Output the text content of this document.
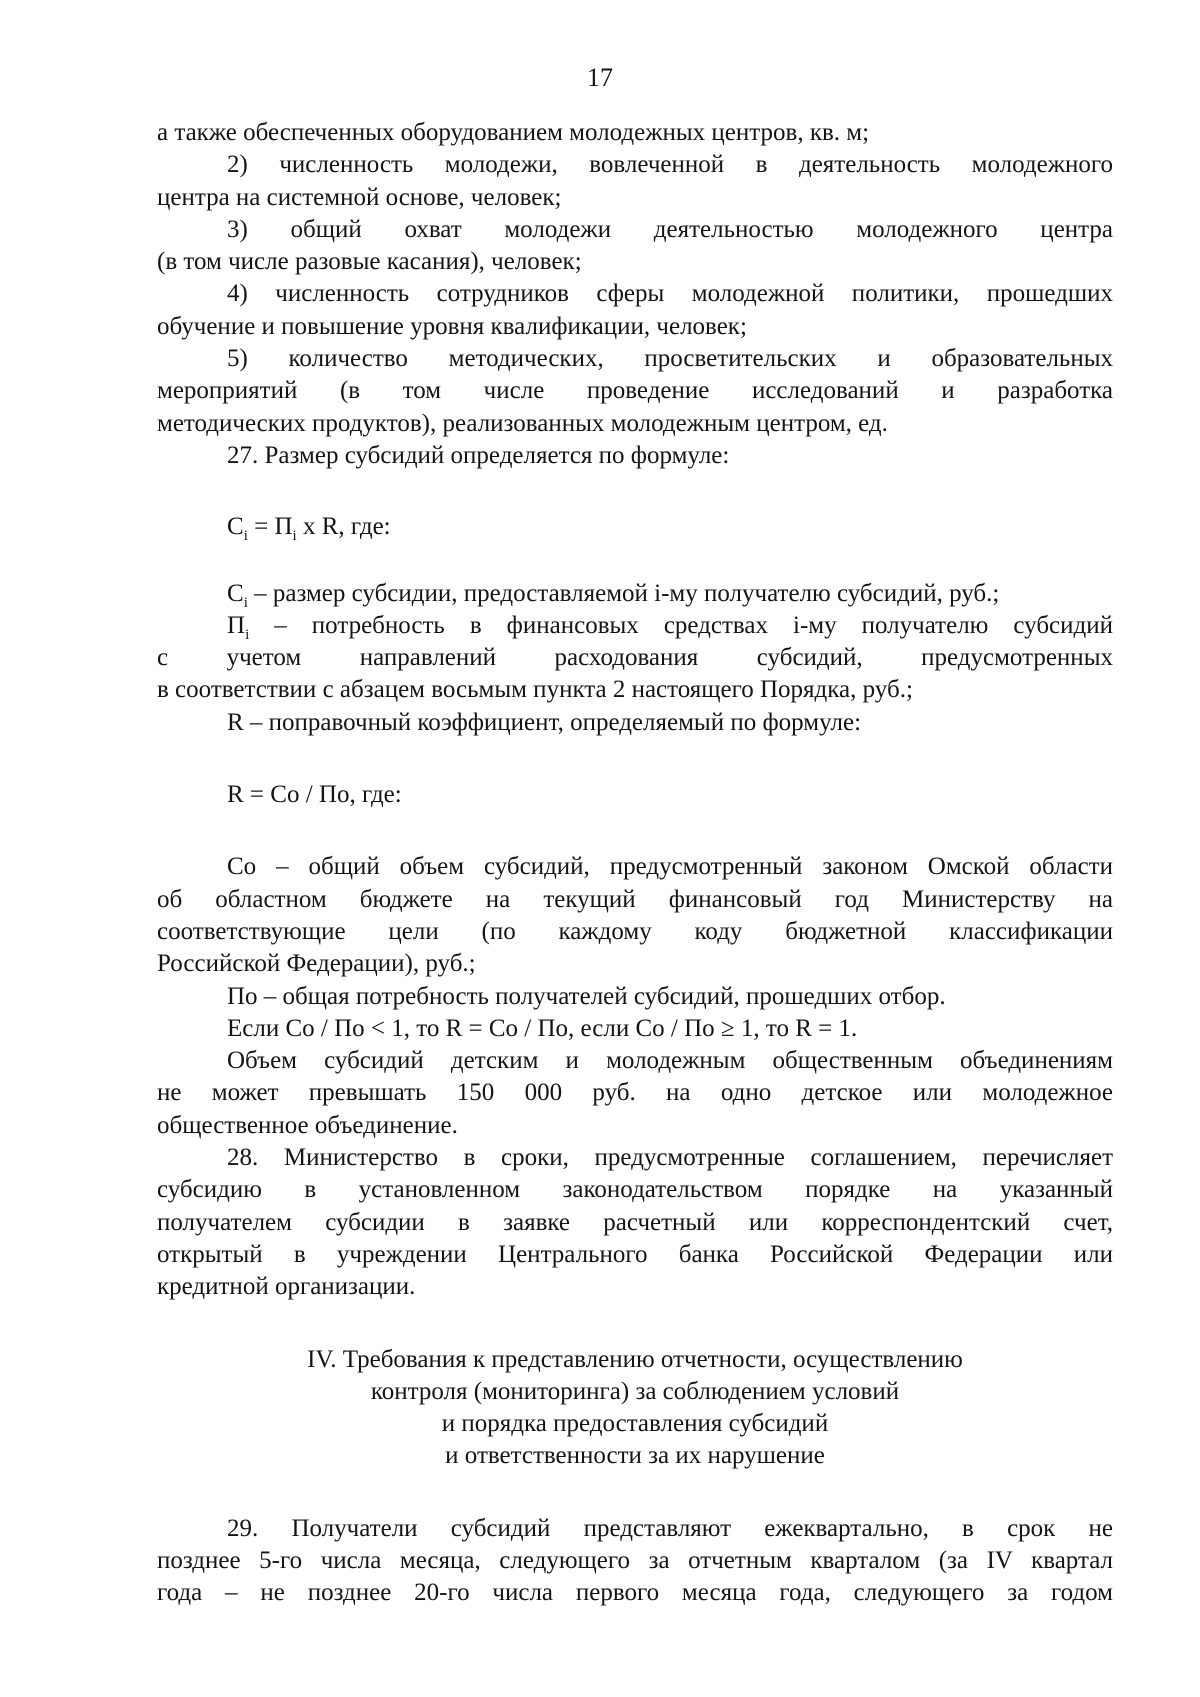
17
а также обеспеченных оборудованием молодежных центров, кв. м;
2) численность молодежи, вовлеченной в деятельность молодежного
центра на системной основе, человек;
3) общий охват молодежи деятельностью молодежного центра
(в том числе разовые касания), человек;
4) численность сотрудников сферы молодежной политики, прошедших
обучение и повышение уровня квалификации, человек;
5) количество методических, просветительских и образовательных
мероприятий (в том числе проведение исследований и разработка
методических продуктов), реализованных молодежным центром, ед.
27. Размер субсидий определяется по формуле:
$C_i = П_i$ x R, где:
$C_i$ – размер субсидии, предоставляемой i-му получателю субсидий, руб.;
$П_i$ – потребность в финансовых средствах i-му получателю субсидий
с учетом направлений расходования субсидий, предусмотренных
в соответствии с абзацем восьмым пункта 2 настоящего Порядка, руб.;
R – поправочный коэффициент, определяемый по формуле:
R = Co / По, где:
Co – общий объем субсидий, предусмотренный законом Омской области
об областном бюджете на текущий финансовый год Министерству на
соответствующие цели (по каждому коду бюджетной классификации
Российской Федерации), руб.;
По – общая потребность получателей субсидий, прошедших отбор.
Если Co / По < 1, то R = Co / По, если Co / По ≥ 1, то R = 1.
Объем субсидий детским и молодежным общественным объединениям
не может превышать 150 000 руб. на одно детское или молодежное
общественное объединение.
28. Министерство в сроки, предусмотренные соглашением, перечисляет
субсидию в установленном законодательством порядке на указанный
получателем субсидии в заявке расчетный или корреспондентский счет,
открытый в учреждении Центрального банка Российской Федерации или
кредитной организации.
IV. Требования к представлению отчетности, осуществлению
контроля (мониторинга) за соблюдением условий
и порядка предоставления субсидий
и ответственности за их нарушение
29. Получатели субсидий представляют ежеквартально, в срок не
позднее 5-го числа месяца, следующего за отчетным кварталом (за IV квартал
года – не позднее 20-го числа первого месяца года, следующего за годом
